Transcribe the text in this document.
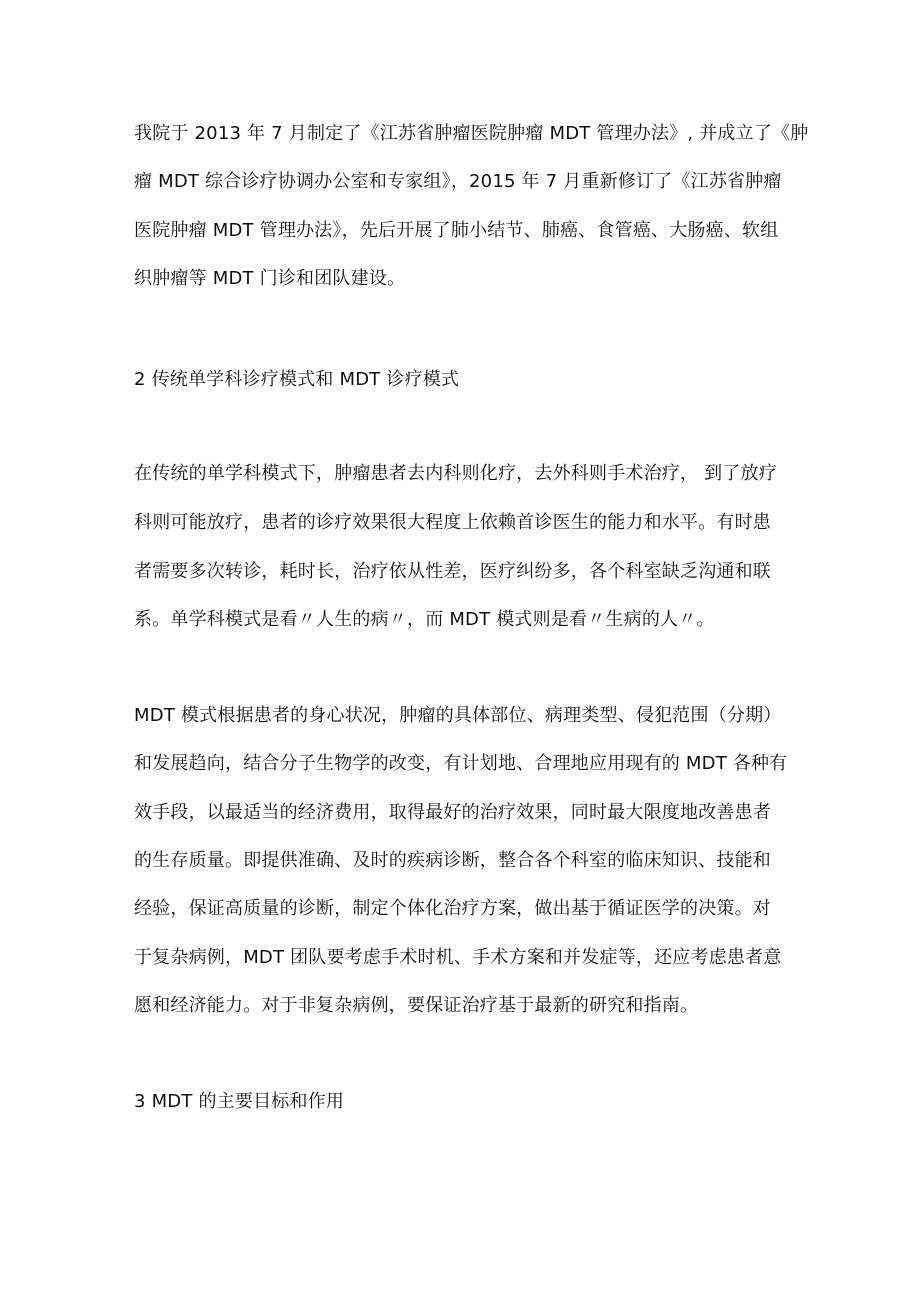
我院于 2013 年 7 月制定了《江苏省肿瘤医院肿瘤 MDT 管理办法》, 并成立了《肿

瘤 MDT 综合诊疗协调办公室和专家组》，2015 年 7 月重新修订了《江苏省肿瘤

医院肿瘤 MDT 管理办法》，先后开展了肺小结节、肺癌、食管癌、大肠癌、软组

织肿瘤等 MDT 门诊和团队建设。

2 传统单学科诊疗模式和 MDT 诊疗模式

在传统的单学科模式下，肿瘤患者去内科则化疗，去外科则手术治疗， 到了放疗

科则可能放疗，患者的诊疗效果很大程度上依赖首诊医生的能力和水平。有时患

者需要多次转诊，耗时长，治疗依从性差，医疗纠纷多，各个科室缺乏沟通和联

系。单学科模式是看〃人生的病〃，而 MDT 模式则是看〃生病的人〃。

MDT 模式根据患者的身心状况，肿瘤的具体部位、病理类型、侵犯范围（分期）

和发展趋向，结合分子生物学的改变，有计划地、合理地应用现有的 MDT 各种有

效手段，以最适当的经济费用，取得最好的治疗效果，同时最大限度地改善患者

的生存质量。即提供准确、及时的疾病诊断，整合各个科室的临床知识、技能和

经验，保证高质量的诊断，制定个体化治疗方案，做出基于循证医学的决策。对

于复杂病例，MDT 团队要考虑手术时机、手术方案和并发症等，还应考虑患者意

愿和经济能力。对于非复杂病例，要保证治疗基于最新的研究和指南。

3 MDT 的主要目标和作用
